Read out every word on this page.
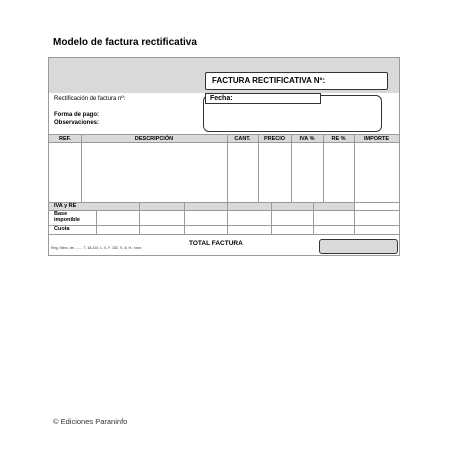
Modelo de factura rectificativa
FACTURA RECTIFICATIVA Nº:
Fecha:
Rectificación de factura nº:
Forma de pago:
Observaciones:
REF.	DESCRIPCIÓN	CANT.	PRECIO	IVA %	RE %	IMPORTE
IVA y RE
Base imponible
Cuota
Reg. Merc. de......... T. 18.210, L. 0, F. 152, S. 8, H.: xxxx
TOTAL FACTURA
© Ediciones Paraninfo
